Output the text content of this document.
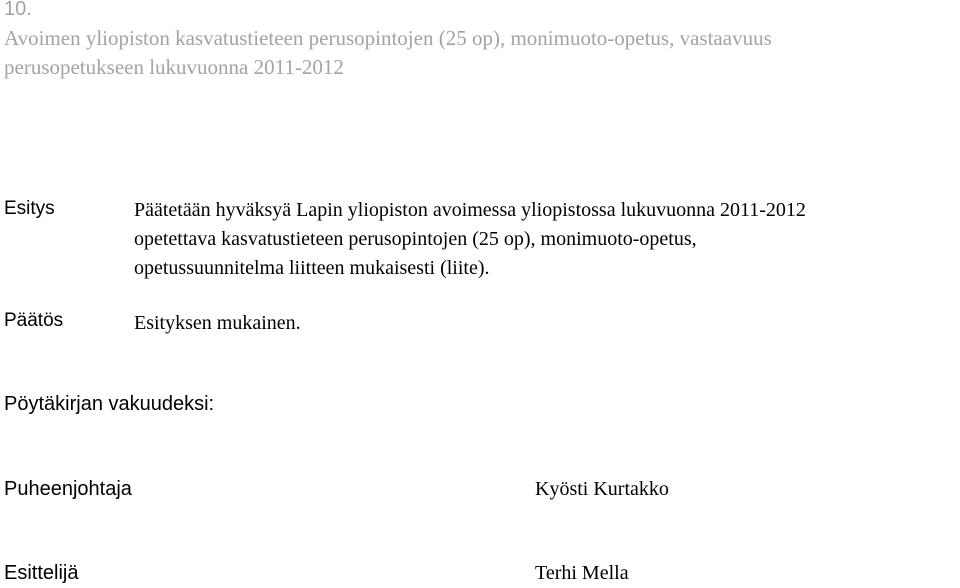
10.
Avoimen yliopiston kasvatustieteen perusopintojen (25 op), monimuoto-opetus, vastaavuus
perusopetukseen lukuvuonna 2011-2012
Esitys	Päätetään hyväksyä Lapin yliopiston avoimessa yliopistossa lukuvuonna 2011-2012
opetettava kasvatustieteen perusopintojen (25 op), monimuoto-opetus,
opetussuunnitelma liitteen mukaisesti (liite).
Päätös	Esityksen mukainen.
Pöytäkirjan vakuudeksi:
Puheenjohtaja	Kyösti Kurtakko
Esittelijä	Terhi Mella
